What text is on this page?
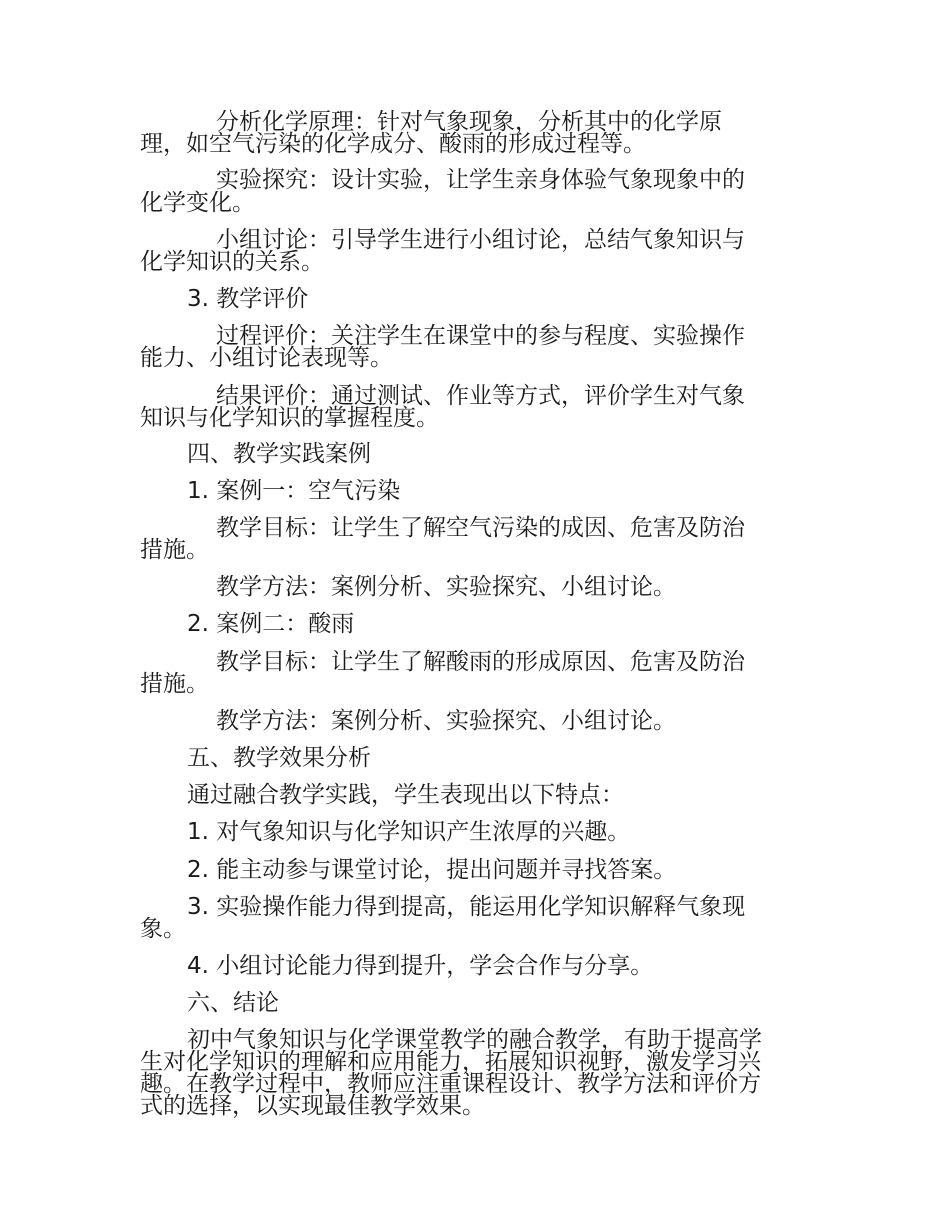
分析化学原理：针对气象现象，分析其中的化学原

理，如空气污染的化学成分、酸雨的形成过程等。

实验探究：设计实验，让学生亲身体验气象现象中的

化学变化。

小组讨论：引导学生进行小组讨论，总结气象知识与

化学知识的关系。

3. 教学评价

过程评价：关注学生在课堂中的参与程度、实验操作

能力、小组讨论表现等。

结果评价：通过测试、作业等方式，评价学生对气象

知识与化学知识的掌握程度。

四、教学实践案例

1. 案例一：空气污染

教学目标：让学生了解空气污染的成因、危害及防治

措施。

教学方法：案例分析、实验探究、小组讨论。

2. 案例二：酸雨

教学目标：让学生了解酸雨的形成原因、危害及防治

措施。

教学方法：案例分析、实验探究、小组讨论。

五、教学效果分析

通过融合教学实践，学生表现出以下特点：

1. 对气象知识与化学知识产生浓厚的兴趣。

2. 能主动参与课堂讨论，提出问题并寻找答案。

3. 实验操作能力得到提高，能运用化学知识解释气象现

象。

4. 小组讨论能力得到提升，学会合作与分享。

六、结论

初中气象知识与化学课堂教学的融合教学，有助于提高学

生对化学知识的理解和应用能力，拓展知识视野，激发学习兴

趣。在教学过程中，教师应注重课程设计、教学方法和评价方

式的选择，以实现最佳教学效果。
